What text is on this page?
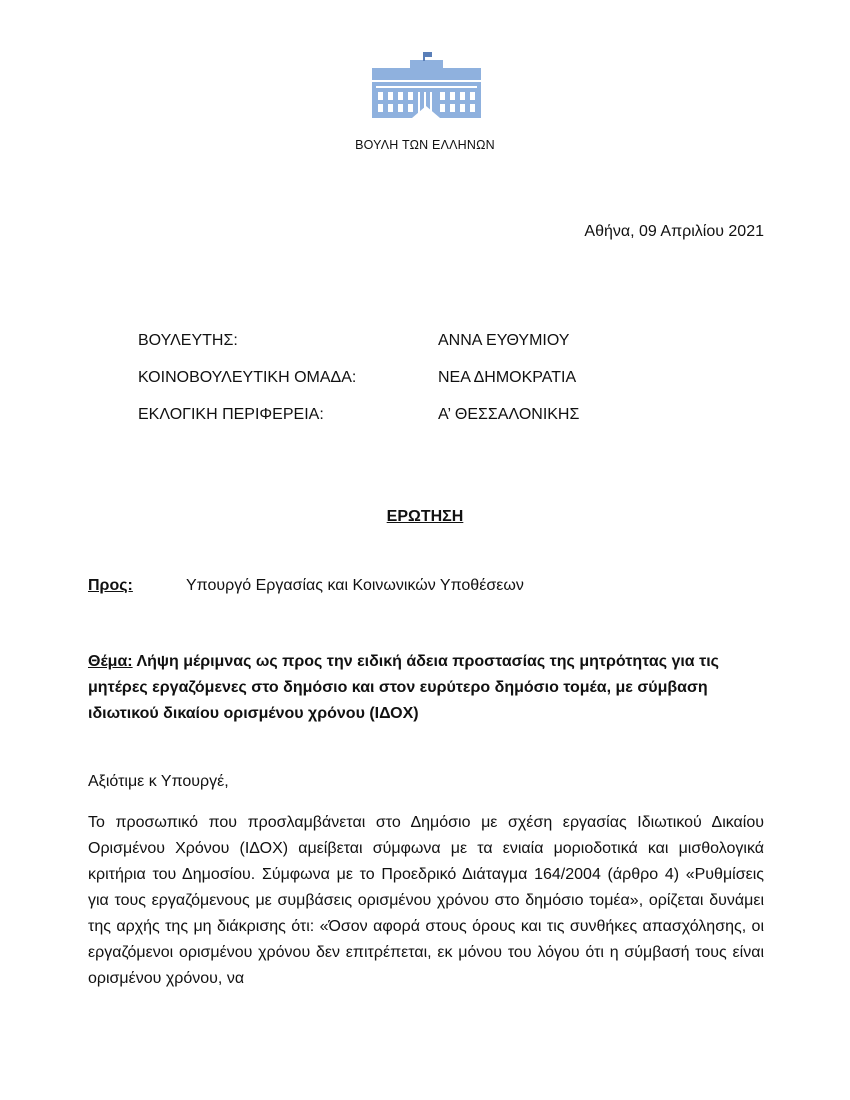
ΒΟΥΛΗ ΤΩΝ ΕΛΛΗΝΩΝ
Αθήνα, 09 Απριλίου 2021
ΒΟΥΛΕΥΤΗΣ:	ΑΝΝΑ ΕΥΘΥΜΙΟΥ
ΚΟΙΝΟΒΟΥΛΕΥΤΙΚΗ ΟΜΑΔΑ:	ΝΕΑ ΔΗΜΟΚΡΑΤΙΑ
ΕΚΛΟΓΙΚΗ ΠΕΡΙΦΕΡΕΙΑ:	Α’ ΘΕΣΣΑΛΟΝΙΚΗΣ
ΕΡΩΤΗΣΗ
Προς:	Υπουργό Εργασίας και Κοινωνικών Υποθέσεων
Θέμα: Λήψη μέριμνας ως προς την ειδική άδεια προστασίας της μητρότητας για τις μητέρες εργαζόμενες στο δημόσιο και στον ευρύτερο δημόσιο τομέα, με σύμβαση ιδιωτικού δικαίου ορισμένου χρόνου (ΙΔΟΧ)
Αξιότιμε κ Υπουργέ,
Το προσωπικό που προσλαμβάνεται στο Δημόσιο με σχέση εργασίας Ιδιωτικού Δικαίου Ορισμένου Χρόνου (ΙΔΟΧ) αμείβεται σύμφωνα με τα ενιαία μοριοδοτικά και μισθολογικά κριτήρια του Δημοσίου. Σύμφωνα με το Προεδρικό Διάταγμα 164/2004 (άρθρο 4) «Ρυθμίσεις για τους εργαζόμενους με συμβάσεις ορισμένου χρόνου στο δημόσιο τομέα», ορίζεται δυνάμει της αρχής της μη διάκρισης ότι: «Όσον αφορά στους όρους και τις συνθήκες απασχόλησης, οι εργαζόμενοι ορισμένου χρόνου δεν επιτρέπεται, εκ μόνου του λόγου ότι η σύμβασή τους είναι ορισμένου χρόνου, να
